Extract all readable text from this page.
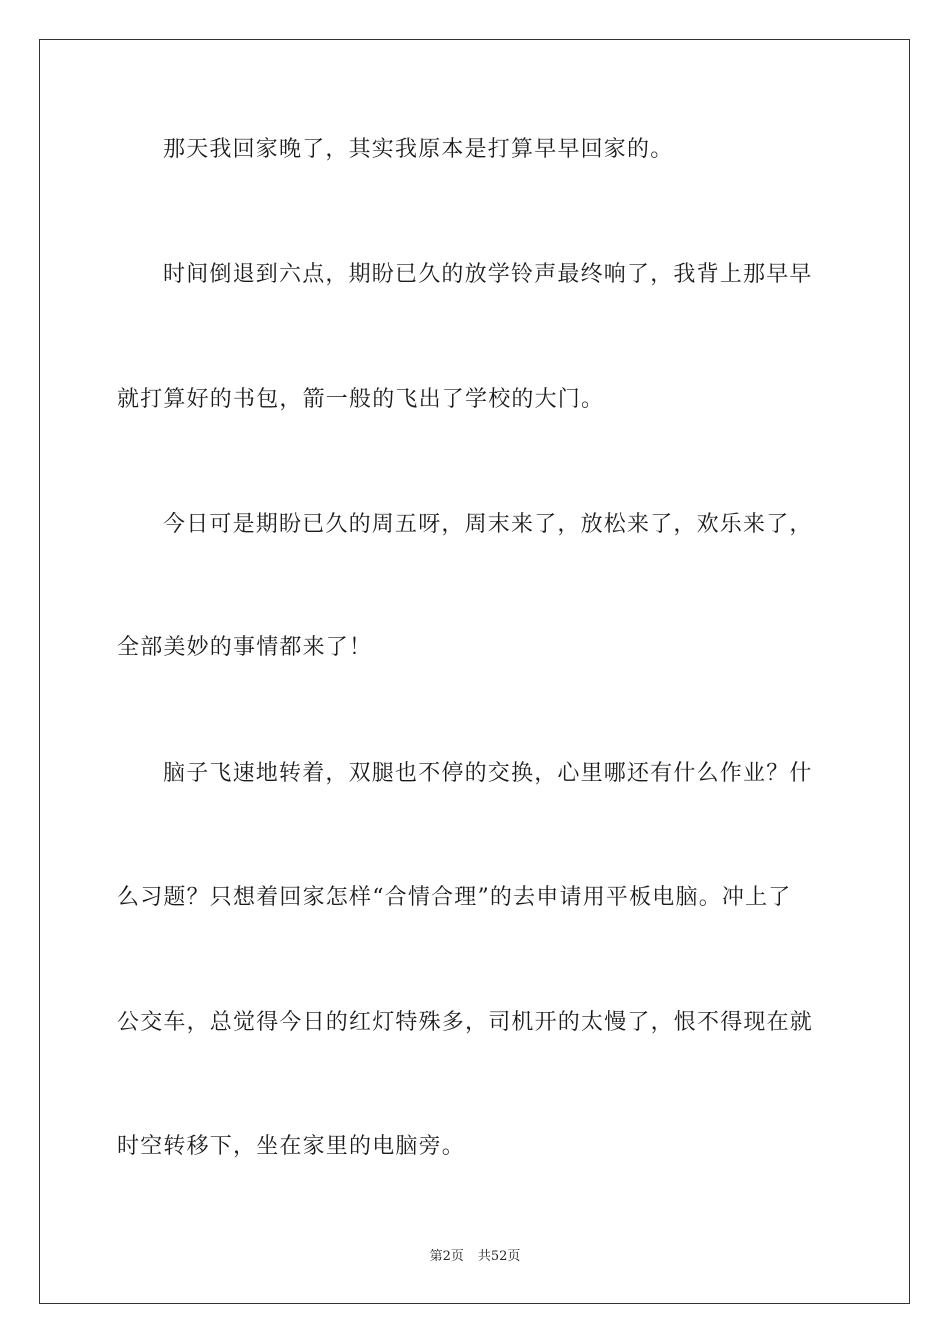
那天我回家晚了，其实我原本是打算早早回家的。
时间倒退到六点，期盼已久的放学铃声最终响了，我背上那早早
就打算好的书包，箭一般的飞出了学校的大门。
今日可是期盼已久的周五呀，周末来了，放松来了，欢乐来了，
全部美妙的事情都来了！
脑子飞速地转着，双腿也不停的交换，心里哪还有什么作业？什
么习题？只想着回家怎样“合情合理”的去申请用平板电脑。冲上了
公交车，总觉得今日的红灯特殊多，司机开的太慢了，恨不得现在就
时空转移下，坐在家里的电脑旁。
第2页 共52页
